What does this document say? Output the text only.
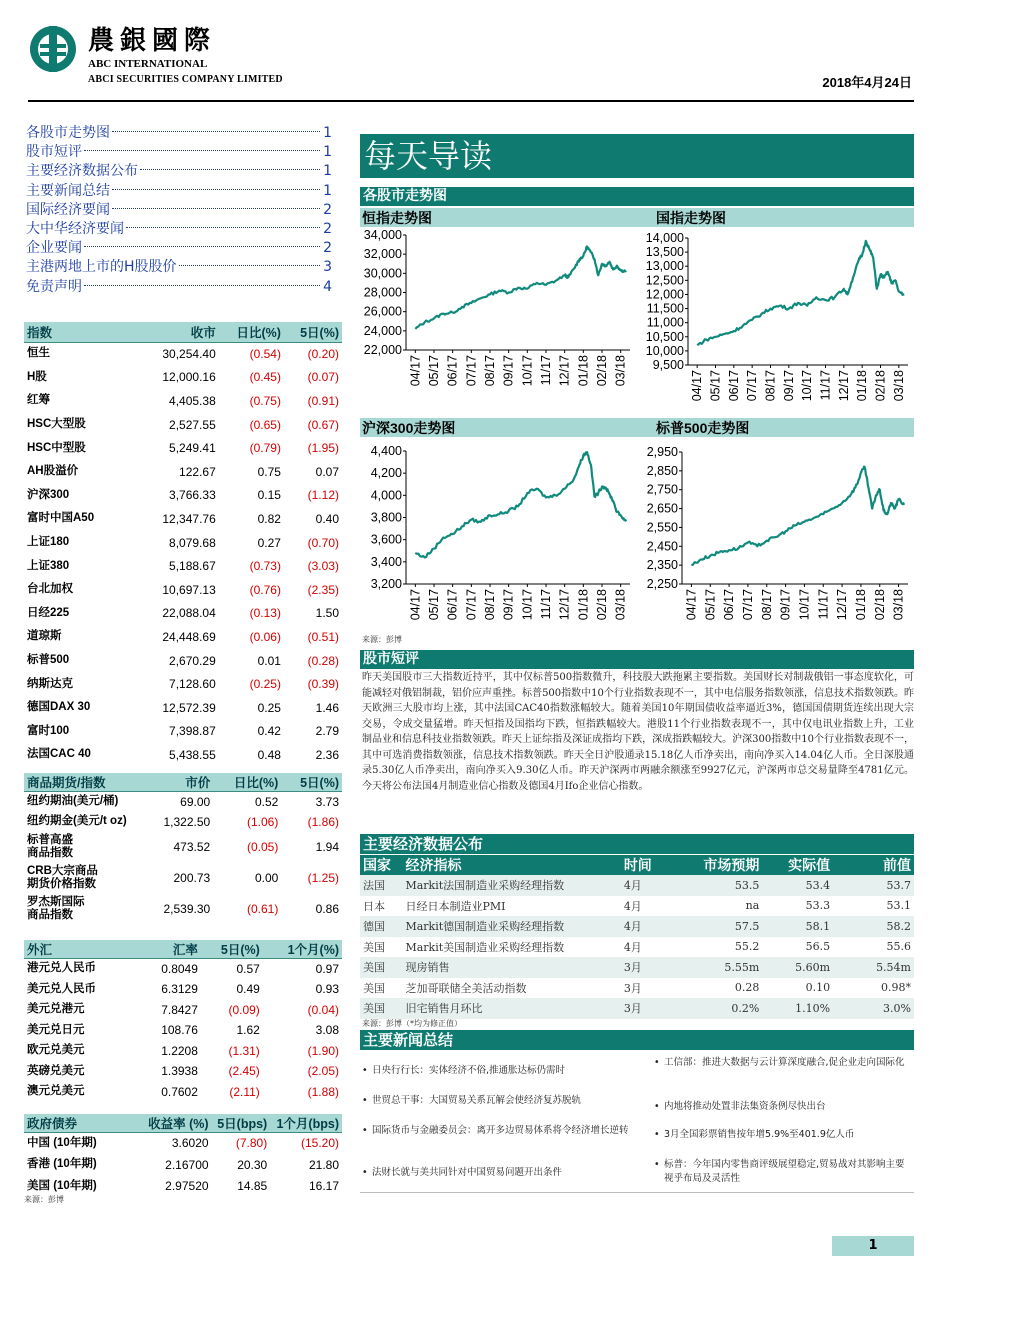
農銀國際
ABC INTERNATIONAL
ABCI SECURITIES COMPANY LIMITED	2018年4月24日
各股市走势图	1
股市短评	1
主要经济数据公布	1
主要新闻总结	1
国际经济要闻	2
大中华经济要闻	2
企业要闻	2
主港两地上市的H股股价	3
免责声明	4
指数	收市	日比(%)	5日(%)
恒生	30,254.40	(0.54)	(0.20)
H股	12,000.16	(0.45)	(0.07)
红筹	4,405.38	(0.75)	(0.91)
HSC大型股	2,527.55	(0.65)	(0.67)
HSC中型股	5,249.41	(0.79)	(1.95)
AH股溢价	122.67	0.75	0.07
沪深300	3,766.33	0.15	(1.12)
富时中国A50	12,347.76	0.82	0.40
上证180	8,079.68	0.27	(0.70)
上证380	5,188.67	(0.73)	(3.03)
台北加权	10,697.13	(0.76)	(2.35)
日经225	22,088.04	(0.13)	1.50
道琼斯	24,448.69	(0.06)	(0.51)
标普500	2,670.29	0.01	(0.28)
纳斯达克	7,128.60	(0.25)	(0.39)
德国DAX 30	12,572.39	0.25	1.46
富时100	7,398.87	0.42	2.79
法国CAC 40	5,438.55	0.48	2.36
商品期货/指数	市价	日比(%)	5日(%)
纽约期油(美元/桶)	69.00	0.52	3.73
纽约期金(美元/t oz)	1,322.50	(1.06)	(1.86)
标普高盛
商品指数	473.52	(0.05)	1.94
CRB大宗商品
期货价格指数	200.73	0.00	(1.25)
罗杰斯国际
商品指数	2,539.30	(0.61)	0.86
外汇	汇率	5日(%)	1个月(%)
港元兑人民币	0.8049	0.57	0.97
美元兑人民币	6.3129	0.49	0.93
美元兑港元	7.8427	(0.09)	(0.04)
美元兑日元	108.76	1.62	3.08
欧元兑美元	1.2208	(1.31)	(1.90)
英磅兑美元	1.3938	(2.45)	(2.05)
澳元兑美元	0.7602	(2.11)	(1.88)
政府债券	收益率 (%)	5日(bps)	1个月(bps)
中国 (10年期)	3.6020	(7.80)	(15.20)
香港 (10年期)	2.16700	20.30	21.80
美国 (10年期)	2.97520	14.85	16.17
来源：彭博
每天导读
各股市走势图
恒指走势图
22,000
24,000
26,000
28,000
30,000
32,000
34,000
04/17 05/17 06/17 07/17 08/17 09/17 10/17 11/17 12/17 01/18 02/18 03/18
国指走势图
9,500
10,000
10,500
11,000
11,500
12,000
12,500
13,000
13,500
14,000
04/17 05/17 06/17 07/17 08/17 09/17 10/17 11/17 12/17 01/18 02/18 03/18
沪深300走势图
3,200
3,400
3,600
3,800
4,000
4,200
4,400
04/17 05/17 06/17 07/17 08/17 09/17 10/17 11/17 12/17 01/18 02/18 03/18
标普500走势图
2,250
2,350
2,450
2,550
2,650
2,750
2,850
2,950
04/17 05/17 06/17 07/17 08/17 09/17 10/17 11/17 12/17 01/18 02/18 03/18
来源：彭博
股市短评
昨天美国股市三大指数近持平，其中仅标普500指数微升，科技股大跌拖累主要指数。美国财长对制裁俄铝一事态度软化，可能减轻对俄铝制裁，铝价应声重挫。标普500指数中10个行业指数表现不一，其中电信服务指数领涨，信息技术指数领跌。昨天欧洲三大股市均上涨，其中法国CAC40指数涨幅较大。随着美国10年期国债收益率逼近3%，德国国债期货连续出现大宗交易，令成交量猛增。昨天恒指及国指均下跌，恒指跌幅较大。港股11个行业指数表现不一，其中仅电讯业指数上升，工业制品业和信息科技业指数领跌。昨天上证综指及深证成指均下跌，深成指跌幅较大。沪深300指数中10个行业指数表现不一，其中可选消费指数领涨，信息技术指数领跌。昨天全日沪股通录15.18亿人币净卖出，南向净买入14.04亿人币。全日深股通录5.30亿人币净卖出，南向净买入9.30亿人币。昨天沪深两市两融余额涨至9927亿元，沪深两市总交易量降至4781亿元。今天将公布法国4月制造业信心指数及德国4月Ifo企业信心指数。
主要经济数据公布
国家	经济指标	时间	市场预期	实际值	前值
法国	Markit法国制造业采购经理指数	4月	53.5	53.4	53.7
日本	日经日本制造业PMI	4月	na	53.3	53.1
德国	Markit德国制造业采购经理指数	4月	57.5	58.1	58.2
美国	Markit美国制造业采购经理指数	4月	55.2	56.5	55.6
美国	现房销售	3月	5.55m	5.60m	5.54m
美国	芝加哥联储全美活动指数	3月	0.28	0.10	0.98*
美国	旧宅销售月环比	3月	0.2%	1.10%	3.0%
来源：彭博（*均为修正值）
主要新闻总结
• 日央行行长：实体经济不俗,推通胀达标仍需时
• 世贸总干事：大国贸易关系瓦解会使经济复苏脱轨
• 国际货币与金融委员会：离开多边贸易体系将令经济增长逆转
• 法财长就与美共同针对中国贸易问题开出条件
• 工信部：推进大数据与云计算深度融合,促企业走向国际化
• 内地将推动处置非法集资条例尽快出台
• 3月全国彩票销售按年增5.9%至401.9亿人币
• 标普：今年国内零售商评级展望稳定,贸易战对其影响主要视乎布局及灵活性
1
